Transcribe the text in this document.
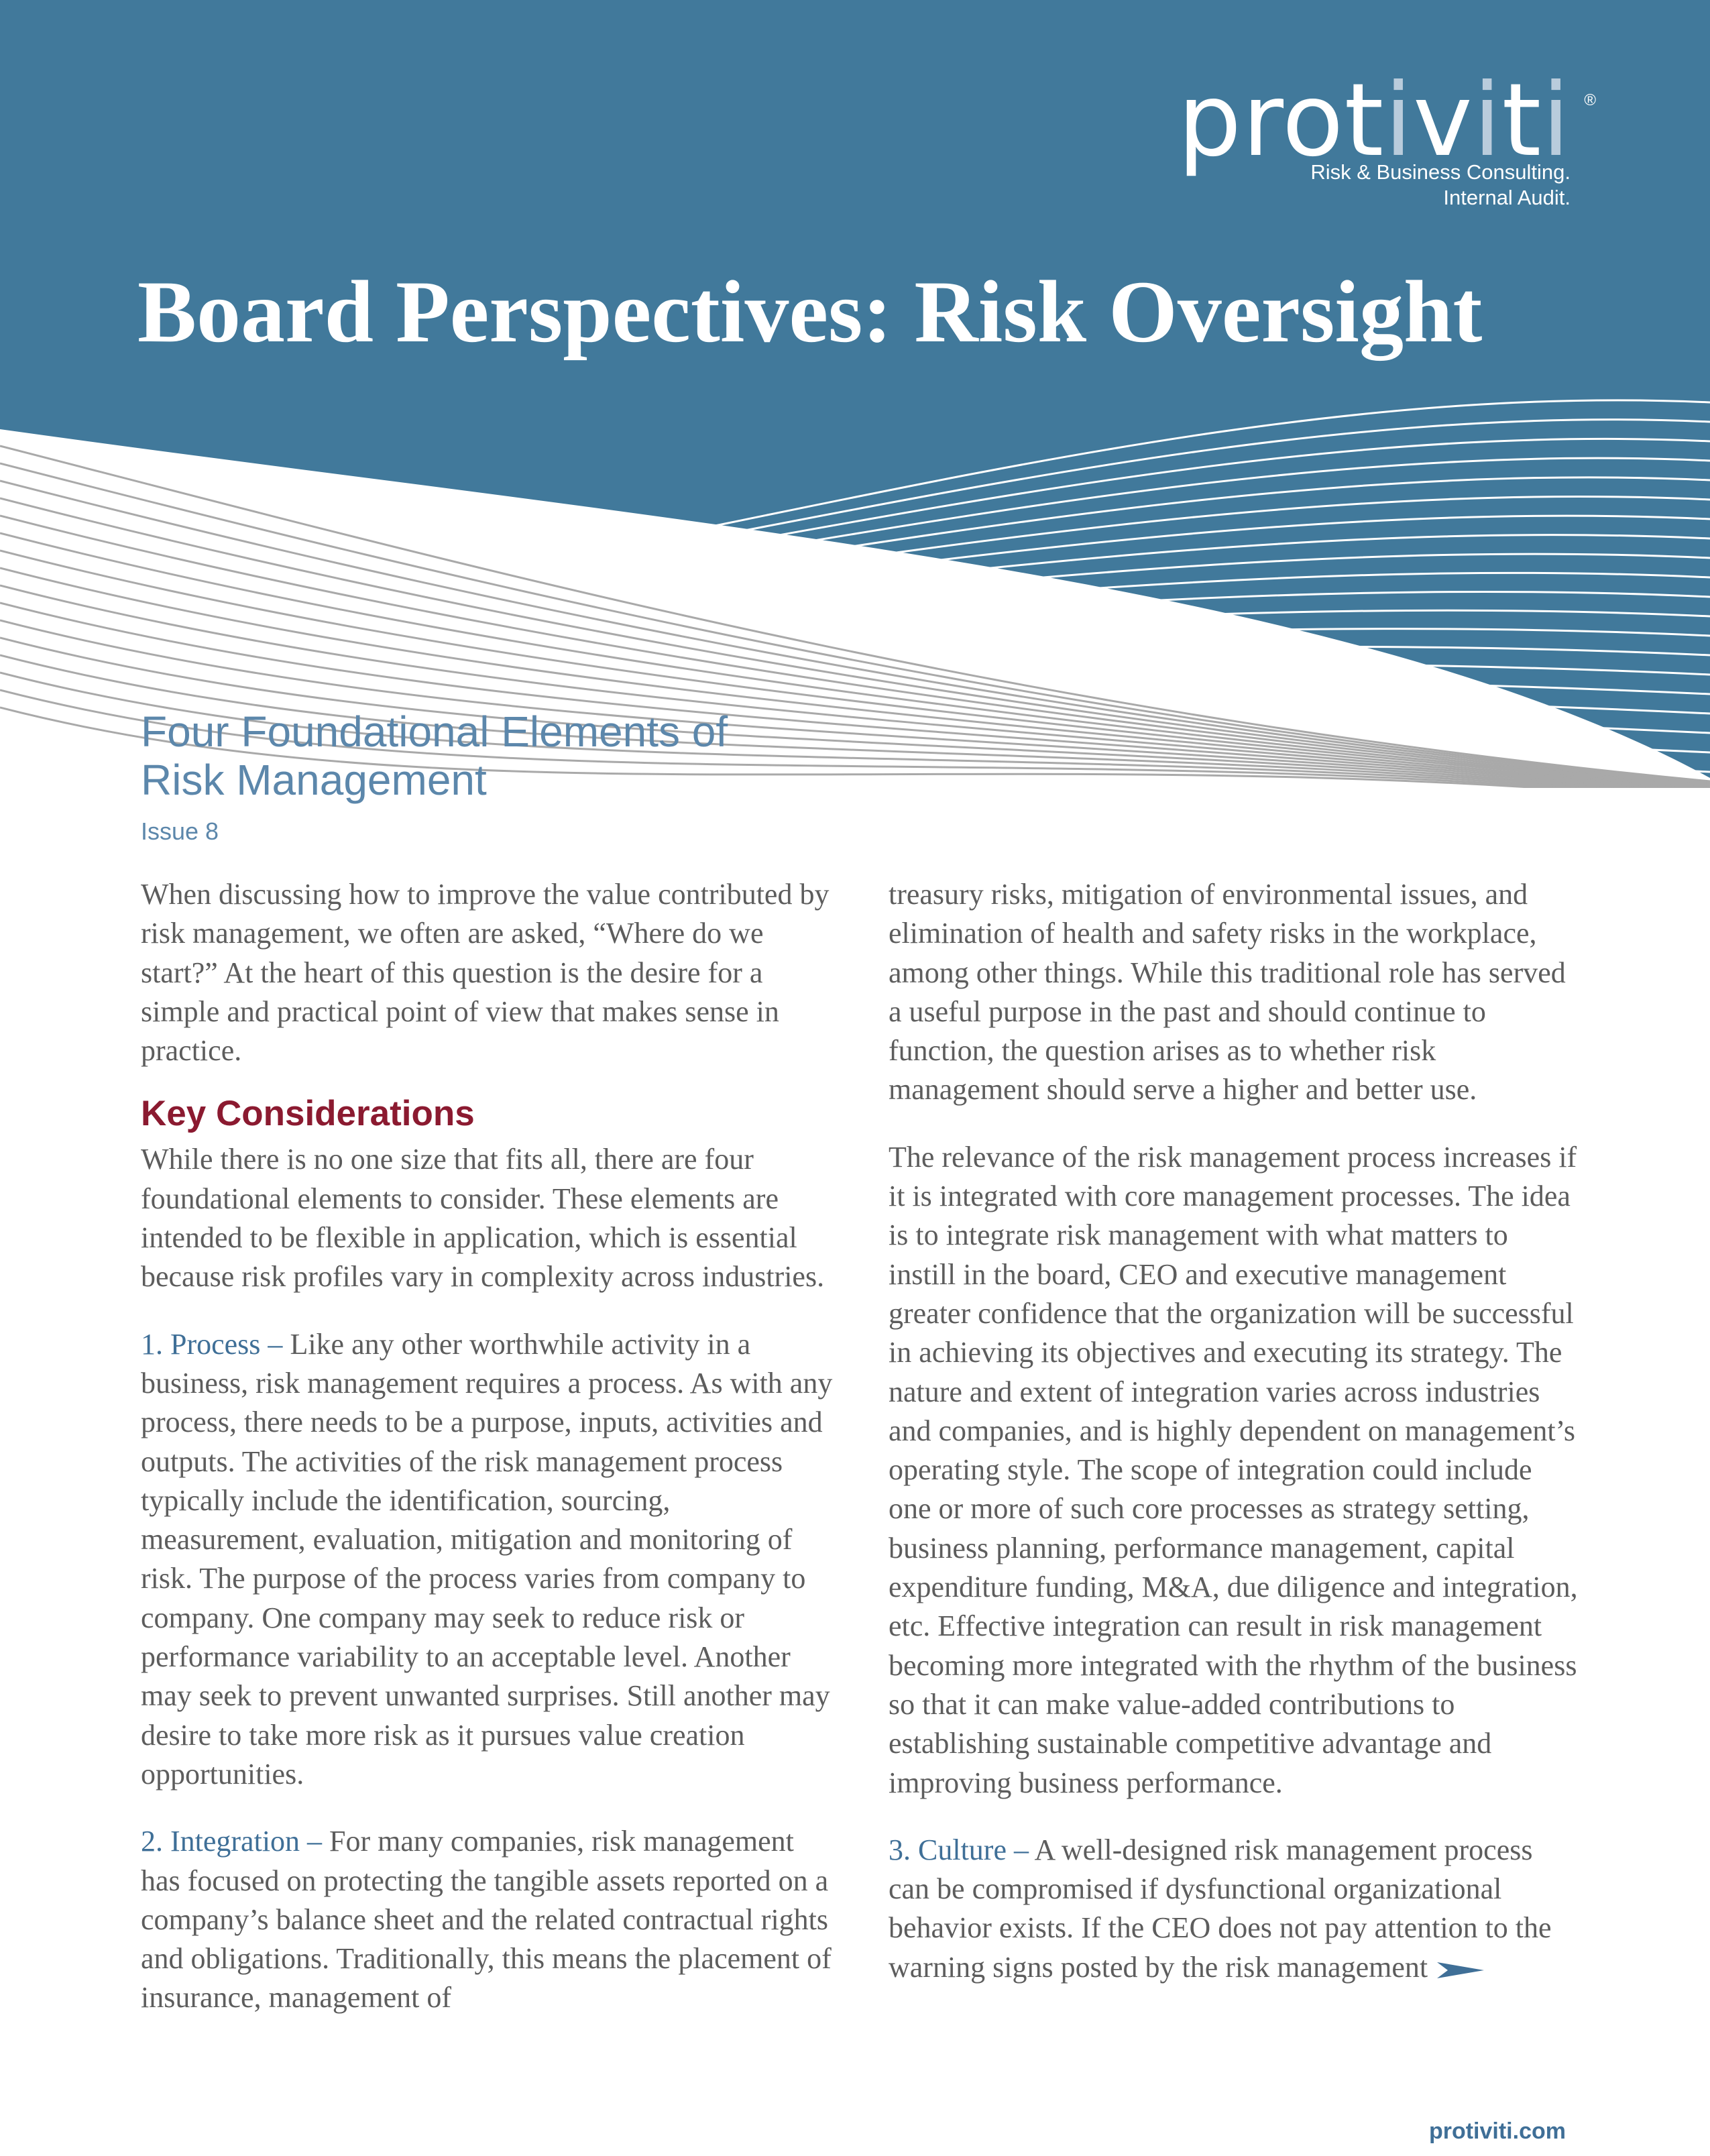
protiviti ®
Risk & Business Consulting.
Internal Audit.
Board Perspectives: Risk Oversight
Four Foundational Elements of
Risk Management
Issue 8

When discussing how to improve the value contributed by risk management, we often are asked, “Where do we start?” At the heart of this question is the desire for a simple and practical point of view that makes sense in practice.

Key Considerations

While there is no one size that fits all, there are four foundational elements to consider. These elements are intended to be flexible in application, which is essential because risk profiles vary in complexity across industries.

1. Process – Like any other worthwhile activity in a business, risk management requires a process. As with any process, there needs to be a purpose, inputs, activities and outputs. The activities of the risk management process typically include the identification, sourcing, measurement, evaluation, mitigation and monitoring of risk. The purpose of the process varies from company to company. One company may seek to reduce risk or performance variability to an acceptable level. Another may seek to prevent unwanted surprises. Still another may desire to take more risk as it pursues value creation opportunities.

2. Integration – For many companies, risk management has focused on protecting the tangible assets reported on a company’s balance sheet and the related contractual rights and obligations. Traditionally, this means the placement of insurance, management of

treasury risks, mitigation of environmental issues, and elimination of health and safety risks in the workplace, among other things. While this traditional role has served a useful purpose in the past and should continue to function, the question arises as to whether risk management should serve a higher and better use.

The relevance of the risk management process increases if it is integrated with core management processes. The idea is to integrate risk management with what matters to instill in the board, CEO and executive management greater confidence that the organization will be successful in achieving its objectives and executing its strategy. The nature and extent of integration varies across industries and companies, and is highly dependent on management’s operating style. The scope of integration could include one or more of such core processes as strategy setting, business planning, performance management, capital expenditure funding, M&A, due diligence and integration, etc. Effective integration can result in risk management becoming more integrated with the rhythm of the business so that it can make value-added contributions to establishing sustainable competitive advantage and improving business performance.

3. Culture – A well-designed risk management process can be compromised if dysfunctional organizational behavior exists. If the CEO does not pay attention to the warning signs posted by the risk management

protiviti.com
